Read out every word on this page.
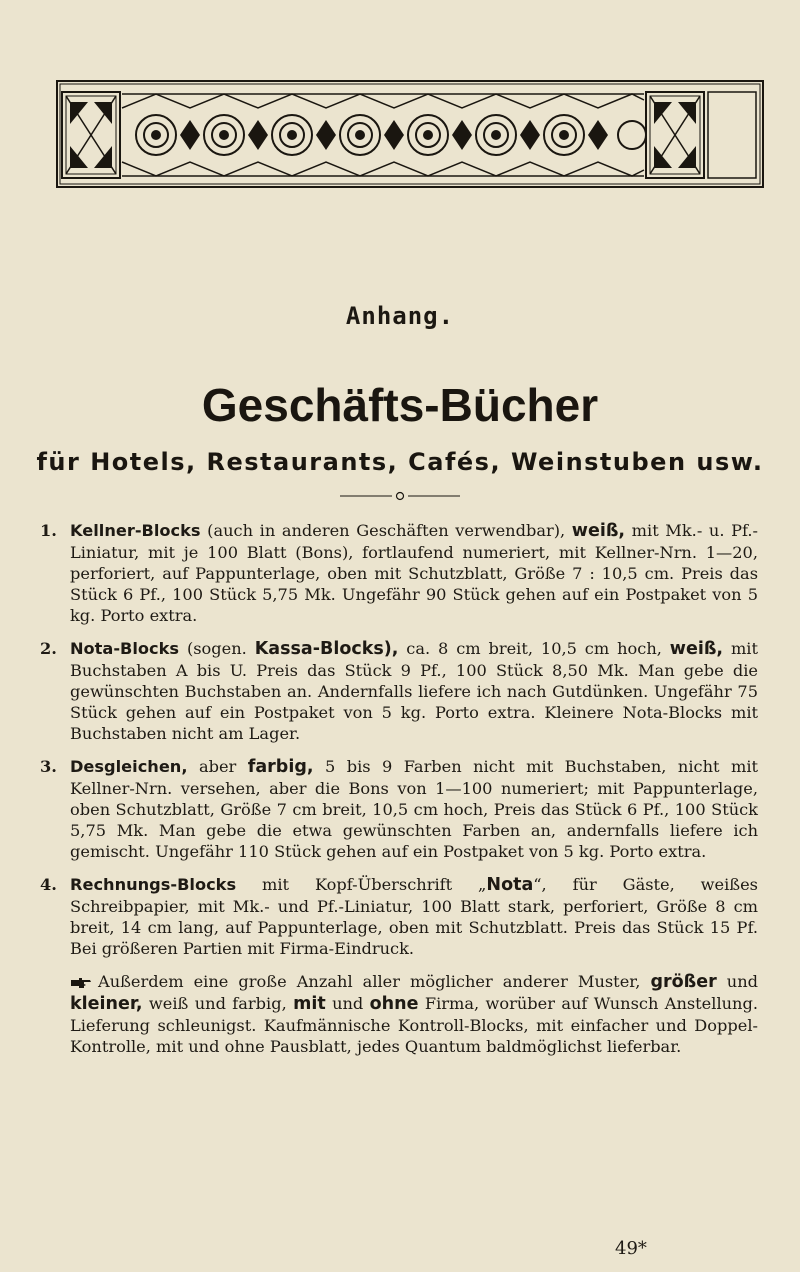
Anhang.
Geschäfts-Bücher
für Hotels, Restaurants, Cafés, Weinstuben usw.
1. Kellner-Blocks (auch in anderen Geschäften verwendbar), weiß, mit Mk.- u. Pf.-Liniatur, mit je 100 Blatt (Bons), fortlaufend numeriert, mit Kellner-Nrn. 1—20, perforiert, auf Pappunterlage, oben mit Schutzblatt, Größe 7 : 10,5 cm. Preis das Stück 6 Pf., 100 Stück 5,75 Mk. Ungefähr 90 Stück gehen auf ein Postpaket von 5 kg. Porto extra.
2. Nota-Blocks (sogen. Kassa-Blocks), ca. 8 cm breit, 10,5 cm hoch, weiß, mit Buchstaben A bis U. Preis das Stück 9 Pf., 100 Stück 8,50 Mk. Man gebe die gewünschten Buchstaben an. Andernfalls liefere ich nach Gutdünken. Ungefähr 75 Stück gehen auf ein Postpaket von 5 kg. Porto extra. Kleinere Nota-Blocks mit Buchstaben nicht am Lager.
3. Desgleichen, aber farbig, 5 bis 9 Farben nicht mit Buchstaben, nicht mit Kellner-Nrn. versehen, aber die Bons von 1—100 numeriert; mit Pappunterlage, oben Schutzblatt, Größe 7 cm breit, 10,5 cm hoch, Preis das Stück 6 Pf., 100 Stück 5,75 Mk. Man gebe die etwa gewünschten Farben an, andernfalls liefere ich gemischt. Ungefähr 110 Stück gehen auf ein Postpaket von 5 kg. Porto extra.
4. Rechnungs-Blocks mit Kopf-Überschrift „Nota“, für Gäste, weißes Schreibpapier, mit Mk.- und Pf.-Liniatur, 100 Blatt stark, perforiert, Größe 8 cm breit, 14 cm lang, auf Pappunterlage, oben mit Schutzblatt. Preis das Stück 15 Pf. Bei größeren Partien mit Firma-Eindruck.
Außerdem eine große Anzahl aller möglicher anderer Muster, größer und kleiner, weiß und farbig, mit und ohne Firma, worüber auf Wunsch Anstellung. Lieferung schleunigst. Kaufmännische Kontroll-Blocks, mit einfacher und Doppel-Kontrolle, mit und ohne Pausblatt, jedes Quantum baldmöglichst lieferbar.
49*
